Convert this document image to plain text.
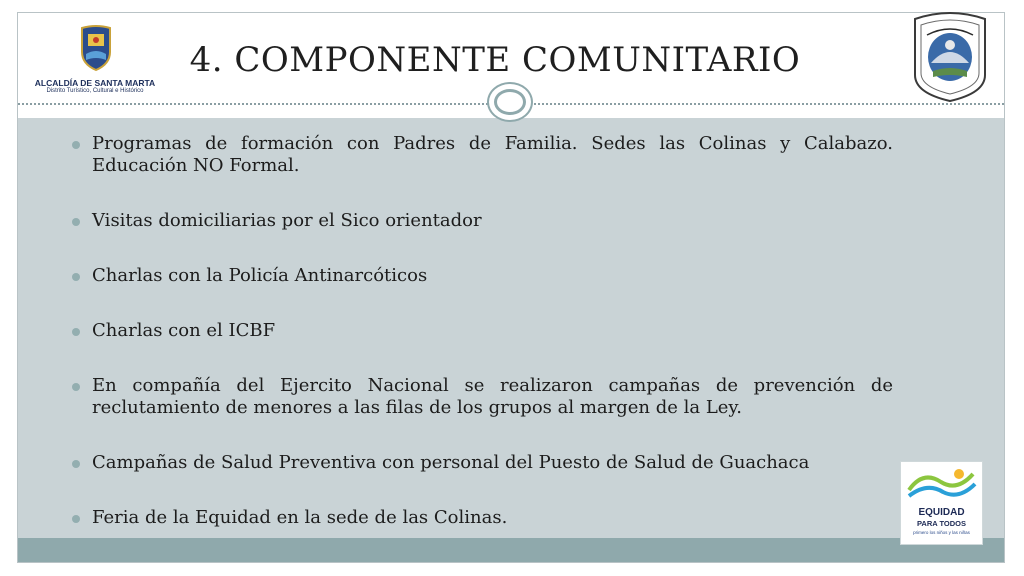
ALCALDÍA DE SANTA MARTA
Distrito Turístico, Cultural e Histórico
4. COMPONENTE COMUNITARIO
Programas de formación con Padres de Familia. Sedes las Colinas y Calabazo. Educación NO Formal.
Visitas domiciliarias por el Sico orientador
Charlas con la Policía Antinarcóticos
Charlas con el ICBF
En compañía del Ejercito Nacional se realizaron campañas de prevención de reclutamiento de menores a las filas de los grupos al margen de la Ley.
Campañas de Salud Preventiva con personal del Puesto de Salud de Guachaca
Feria de la Equidad en la sede de las Colinas.	EQUIDAD
PARA TODOS
primero los niños y las niñas
